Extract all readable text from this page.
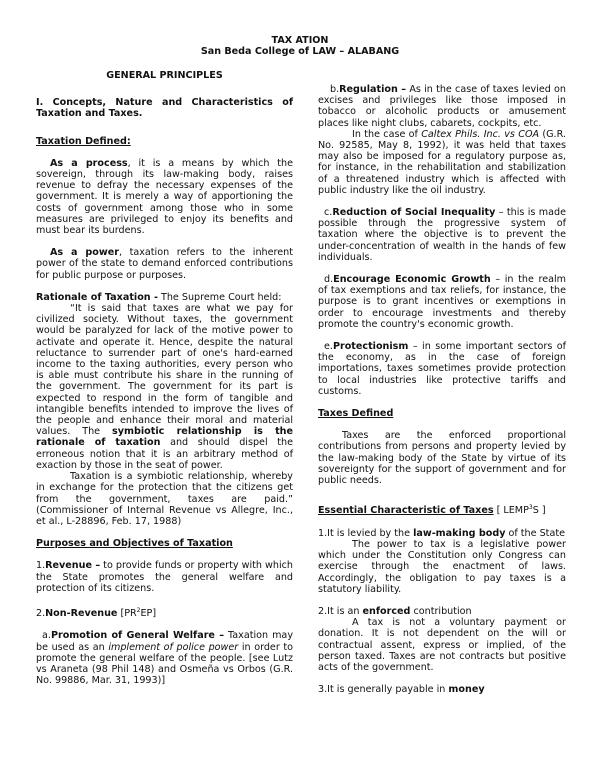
TAX ATION
San Beda College of LAW – ALABANG

GENERAL PRINCIPLES

I. Concepts, Nature and Characteristics of Taxation and Taxes.

Taxation Defined:

As a process, it is a means by which the sovereign, through its law-making body, raises revenue to defray the necessary expenses of the government. It is merely a way of apportioning the costs of government among those who in some measures are privileged to enjoy its benefits and must bear its burdens.

As a power, taxation refers to the inherent power of the state to demand enforced contributions for public purpose or purposes.

Rationale of Taxation - The Supreme Court held:

“It is said that taxes are what we pay for civilized society. Without taxes, the government would be paralyzed for lack of the motive power to activate and operate it. Hence, despite the natural reluctance to surrender part of one's hard-earned income to the taxing authorities, every person who is able must contribute his share in the running of the government. The government for its part is expected to respond in the form of tangible and intangible benefits intended to improve the lives of the people and enhance their moral and material values. The symbiotic relationship is the rationale of taxation and should dispel the erroneous notion that it is an arbitrary method of exaction by those in the seat of power.

Taxation is a symbiotic relationship, whereby in exchange for the protection that the citizens get from the government, taxes are paid.” (Commissioner of Internal Revenue vs Allegre, Inc., et al., L-28896, Feb. 17, 1988)

Purposes and Objectives of Taxation

1.Revenue – to provide funds or property with which the State promotes the general welfare and protection of its citizens.

2.Non-Revenue $[PR^2EP]$

a.Promotion of General Welfare – Taxation may be used as an implement of police power in order to promote the general welfare of the people. [see Lutz vs Araneta (98 Phil 148) and Osmeña vs Orbos (G.R. No. 99886, Mar. 31, 1993)]

b.Regulation – As in the case of taxes levied on excises and privileges like those imposed in tobacco or alcoholic products or amusement places like night clubs, cabarets, cockpits, etc.

In the case of Caltex Phils. Inc. vs COA (G.R. No. 92585, May 8, 1992), it was held that taxes may also be imposed for a regulatory purpose as, for instance, in the rehabilitation and stabilization of a threatened industry which is affected with public industry like the oil industry.

c.Reduction of Social Inequality – this is made possible through the progressive system of taxation where the objective is to prevent the under-concentration of wealth in the hands of few individuals.

d.Encourage Economic Growth – in the realm of tax exemptions and tax reliefs, for instance, the purpose is to grant incentives or exemptions in order to encourage investments and thereby promote the country's economic growth.

e.Protectionism – in some important sectors of the economy, as in the case of foreign importations, taxes sometimes provide protection to local industries like protective tariffs and customs.

Taxes Defined

Taxes are the enforced proportional contributions from persons and property levied by the law-making body of the State by virtue of its sovereignty for the support of government and for public needs.

Essential Characteristic of Taxes [ LEMP$^3$S ]

1.It is levied by the law-making body of the State

The power to tax is a legislative power which under the Constitution only Congress can exercise through the enactment of laws. Accordingly, the obligation to pay taxes is a statutory liability.

2.It is an enforced contribution

A tax is not a voluntary payment or donation. It is not dependent on the will or contractual assent, express or implied, of the person taxed. Taxes are not contracts but positive acts of the government.

3.It is generally payable in money
